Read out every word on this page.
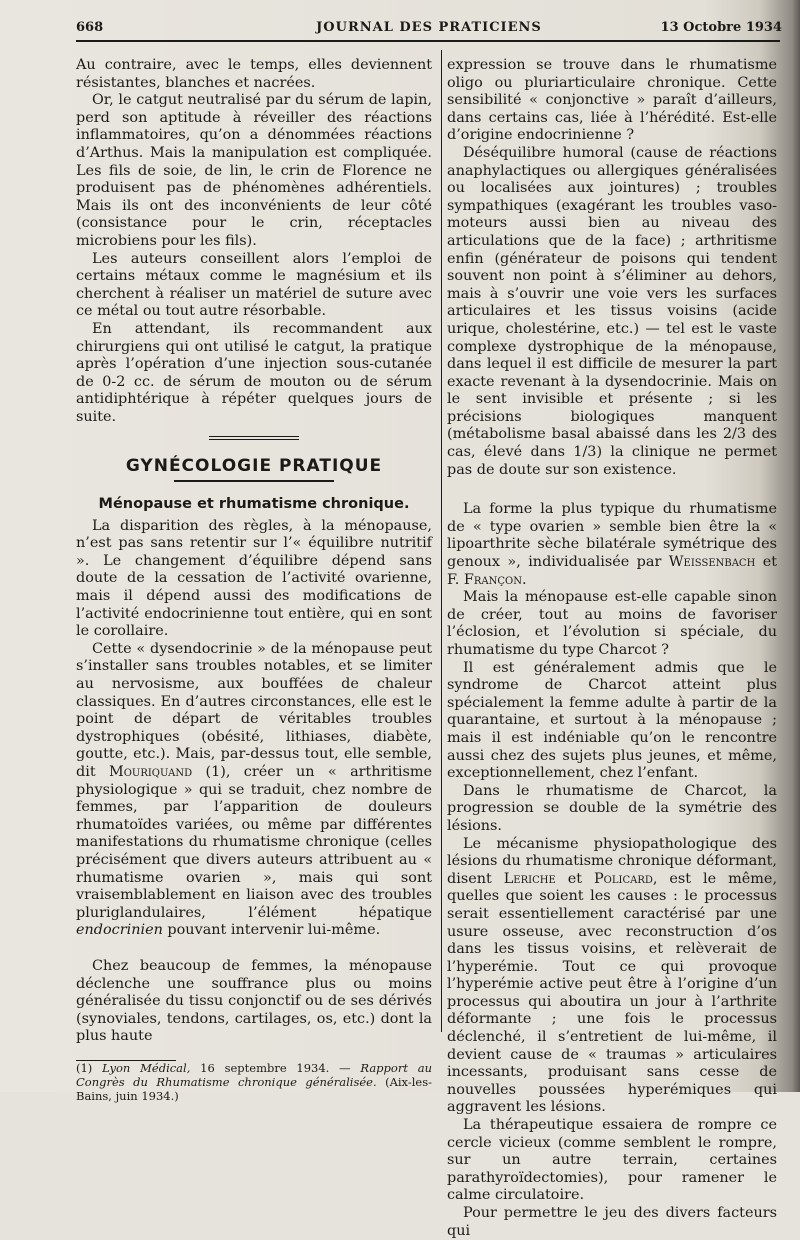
668	JOURNAL DES PRATICIENS	13 Octobre 1934

Au contraire, avec le temps, elles deviennent résistantes, blanches et nacrées.

Or, le catgut neutralisé par du sérum de lapin, perd son aptitude à réveiller des réactions inflammatoires, qu’on a dénommées réactions d’Arthus. Mais la manipulation est compliquée. Les fils de soie, de lin, le crin de Florence ne produisent pas de phénomènes adhérentiels. Mais ils ont des inconvénients de leur côté (consistance pour le crin, réceptacles microbiens pour les fils).

Les auteurs conseillent alors l’emploi de certains métaux comme le magnésium et ils cherchent à réaliser un matériel de suture avec ce métal ou tout autre résorbable.

En attendant, ils recommandent aux chirurgiens qui ont utilisé le catgut, la pratique après l’opération d’une injection sous-cutanée de 0-2 cc. de sérum de mouton ou de sérum antidiphtérique à répéter quelques jours de suite.

GYNÉCOLOGIE PRATIQUE
Ménopause et rhumatisme chronique.

La disparition des règles, à la ménopause, n’est pas sans retentir sur l’« équilibre nutritif ». Le changement d’équilibre dépend sans doute de la cessation de l’activité ovarienne, mais il dépend aussi des modifications de l’activité endocrinienne tout entière, qui en sont le corollaire.

Cette « dysendocrinie » de la ménopause peut s’installer sans troubles notables, et se limiter au nervosisme, aux bouffées de chaleur classiques. En d’autres circonstances, elle est le point de départ de véritables troubles dystrophiques (obésité, lithiases, diabète, goutte, etc.). Mais, par-dessus tout, elle semble, dit Mouriquand (1), créer un « arthritisme physiologique » qui se traduit, chez nombre de femmes, par l’apparition de douleurs rhumatoïdes variées, ou même par différentes manifestations du rhumatisme chronique (celles précisément que divers auteurs attribuent au « rhumatisme ovarien », mais qui sont vraisemblablement en liaison avec des troubles pluriglandulaires, l’élément hépatique endocrinien pouvant intervenir lui-même.

Chez beaucoup de femmes, la ménopause déclenche une souffrance plus ou moins généralisée du tissu conjonctif ou de ses dérivés (synoviales, tendons, cartilages, os, etc.) dont la plus haute

(1) Lyon Médical, 16 septembre 1934. — Rapport au Congrès du Rhumatisme chronique généralisée. (Aix-les-Bains, juin 1934.)

expression se trouve dans le rhumatisme oligo ou pluriarticulaire chronique. Cette sensibilité « conjonctive » paraît d’ailleurs, dans certains cas, liée à l’hérédité. Est-elle d’origine endocrinienne ?

Déséquilibre humoral (cause de réactions anaphylactiques ou allergiques généralisées ou localisées aux jointures) ; troubles sympathiques (exagérant les troubles vaso-moteurs aussi bien au niveau des articulations que de la face) ; arthritisme enfin (générateur de poisons qui tendent souvent non point à s’éliminer au dehors, mais à s’ouvrir une voie vers les surfaces articulaires et les tissus voisins (acide urique, cholestérine, etc.) — tel est le vaste complexe dystrophique de la ménopause, dans lequel il est difficile de mesurer la part exacte revenant à la dysendocrinie. Mais on le sent invisible et présente ; si les précisions biologiques manquent (métabolisme basal abaissé dans les 2/3 des cas, élevé dans 1/3) la clinique ne permet pas de doute sur son existence.

La forme la plus typique du rhumatisme de « type ovarien » semble bien être la « lipoarthrite sèche bilatérale symétrique des genoux », individualisée par Weissenbach et F. Françon.

Mais la ménopause est-elle capable sinon de créer, tout au moins de favoriser l’éclosion, et l’évolution si spéciale, du rhumatisme du type Charcot ?

Il est généralement admis que le syndrome de Charcot atteint plus spécialement la femme adulte à partir de la quarantaine, et surtout à la ménopause ; mais il est indéniable qu’on le rencontre aussi chez des sujets plus jeunes, et même, exceptionnellement, chez l’enfant.

Dans le rhumatisme de Charcot, la progression se double de la symétrie des lésions.

Le mécanisme physiopathologique des lésions du rhumatisme chronique déformant, disent Leriche et Policard, est le même, quelles que soient les causes : le processus serait essentiellement caractérisé par une usure osseuse, avec reconstruction d’os dans les tissus voisins, et relèverait de l’hyperémie. Tout ce qui provoque l’hyperémie active peut être à l’origine d’un processus qui aboutira un jour à l’arthrite déformante ; une fois le processus déclenché, il s’entretient de lui-même, il devient cause de « traumas » articulaires incessants, produisant sans cesse de nouvelles poussées hyperémiques qui aggravent les lésions.

La thérapeutique essaiera de rompre ce cercle vicieux (comme semblent le rompre, sur un autre terrain, certaines parathyroïdectomies), pour ramener le calme circulatoire.

Pour permettre le jeu des divers facteurs qui
